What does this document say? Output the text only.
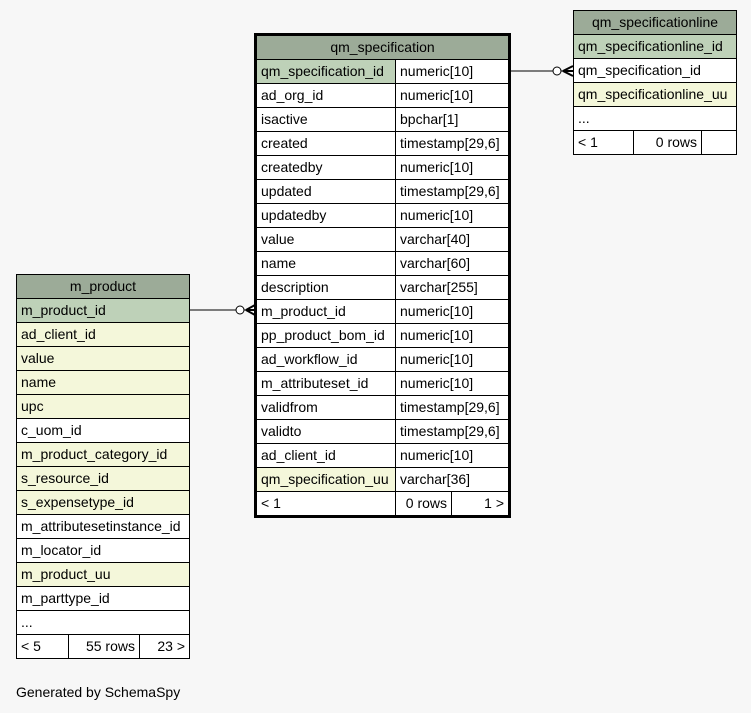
qm_specification		
qm_specification_id	numeric[10]	
ad_org_id	numeric[10]	
isactive	bpchar[1]	
created	timestamp[29,6]	
createdby	numeric[10]	
updated	timestamp[29,6]	
updatedby	numeric[10]	
value	varchar[40]	
name	varchar[60]	
description	varchar[255]	
m_product_id	numeric[10]	
pp_product_bom_id	numeric[10]	
ad_workflow_id	numeric[10]	
m_attributeset_id	numeric[10]	
validfrom	timestamp[29,6]	
validto	timestamp[29,6]	
ad_client_id	numeric[10]	
qm_specification_uu	varchar[36]	
< 1	0 rows	1 >
qm_specificationline
qm_specificationline_id
qm_specification_id
qm_specificationline_uu
...
< 1	0 rows	
m_product
m_product_id
ad_client_id
value
name
upc
c_uom_id
m_product_category_id
s_resource_id
s_expensetype_id
m_attributesetinstance_id
m_locator_id
m_product_uu
m_parttype_id
...
< 5	55 rows	23 >
Generated by SchemaSpy
